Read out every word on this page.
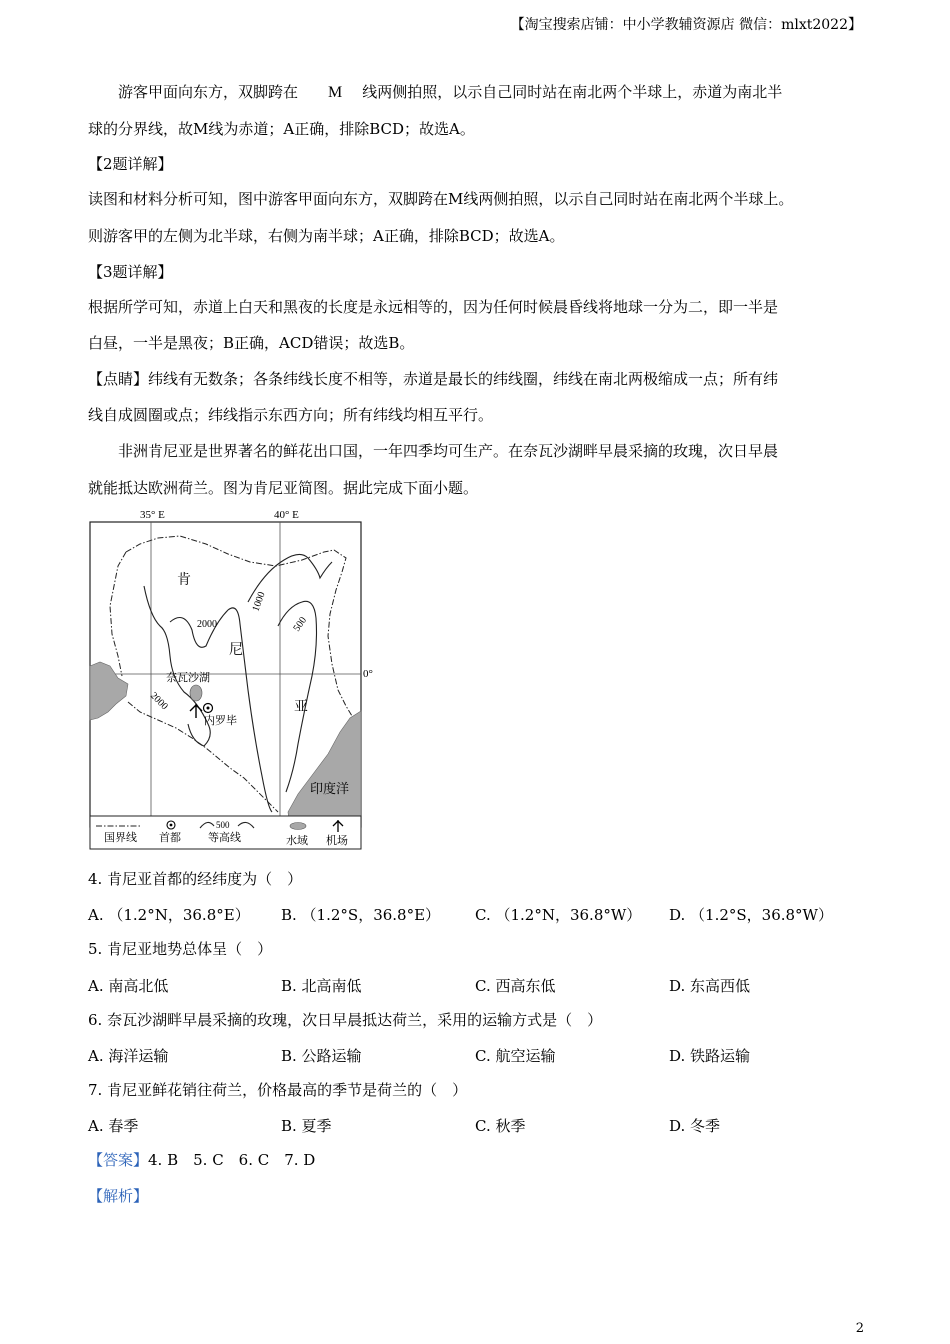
【淘宝搜索店铺：中小学教辅资源店 微信：mlxt2022】
游客甲面向东方，双脚跨在 M 线两侧拍照，以示自己同时站在南北两个半球上，赤道为南北半
球的分界线，故M线为赤道；A正确，排除BCD；故选A。
【2题详解】
读图和材料分析可知，图中游客甲面向东方，双脚跨在M线两侧拍照，以示自己同时站在南北两个半球上。
则游客甲的左侧为北半球，右侧为南半球；A正确，排除BCD；故选A。
【3题详解】
根据所学可知，赤道上白天和黑夜的长度是永远相等的，因为任何时候晨昏线将地球一分为二，即一半是
白昼，一半是黑夜；B正确，ACD错误；故选B。
【点睛】纬线有无数条；各条纬线长度不相等，赤道是最长的纬线圈，纬线在南北两极缩成一点；所有纬
线自成圆圈或点；纬线指示东西方向；所有纬线均相互平行。
非洲肯尼亚是世界著名的鲜花出口国，一年四季均可生产。在奈瓦沙湖畔早晨采摘的玫瑰，次日早晨
就能抵达欧洲荷兰。图为肯尼亚简图。据此完成下面小题。
35° E	40° E
0°
印度洋
2000
1000
500
2000
肯
尼
亚
奈瓦沙湖
内罗毕
国界线 首都
500
等高线	水域 机场
4. 肯尼亚首都的经纬度为（　）
A. （1.2°N，36.8°E） B. （1.2°S，36.8°E） C. （1.2°N，36.8°W） D. （1.2°S，36.8°W）
5. 肯尼亚地势总体呈（　）
A. 南高北低	B. 北高南低	C. 西高东低	D. 东高西低
6. 奈瓦沙湖畔早晨采摘的玫瑰，次日早晨抵达荷兰，采用的运输方式是（　）
A. 海洋运输	B. 公路运输	C. 航空运输	D. 铁路运输
7. 肯尼亚鲜花销往荷兰，价格最高的季节是荷兰的（　）
A. 春季	B. 夏季	C. 秋季	D. 冬季
【答案】4. B　5. C　6. C　7. D
【解析】
2
